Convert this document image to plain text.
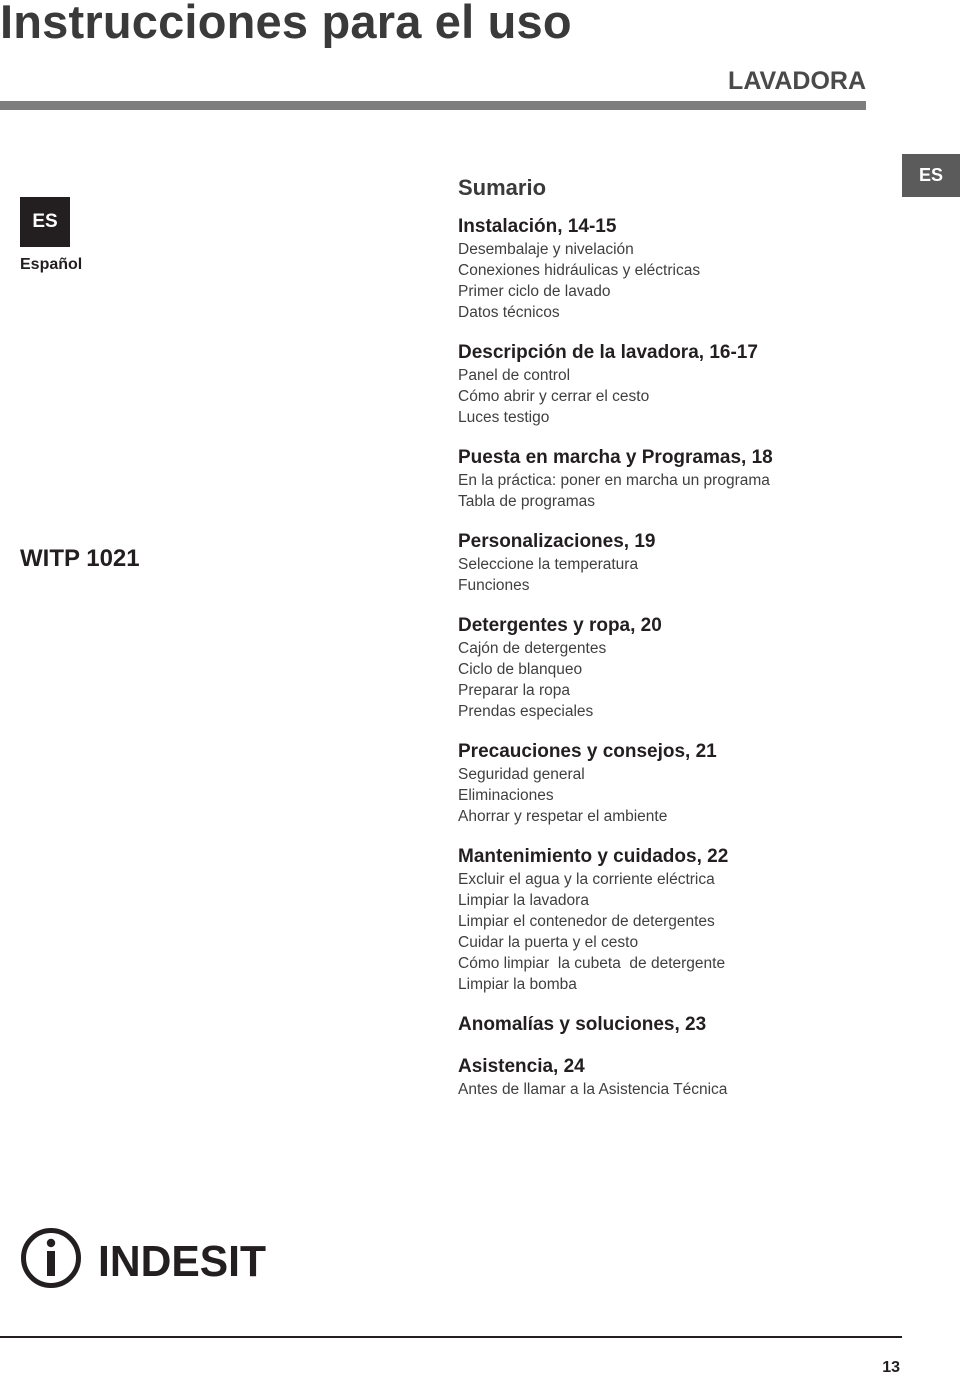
Instrucciones para el uso
LAVADORA
ES
ES
Español
WITP 1021
Sumario
Instalación, 14-15
Desembalaje y nivelación
Conexiones hidráulicas y eléctricas
Primer ciclo de lavado
Datos técnicos
Descripción de la lavadora, 16-17
Panel de control
Cómo abrir y cerrar el cesto
Luces testigo
Puesta en marcha y Programas, 18
En la práctica: poner en marcha un programa
Tabla de programas
Personalizaciones, 19
Seleccione la temperatura
Funciones
Detergentes y ropa, 20
Cajón de detergentes
Ciclo de blanqueo
Preparar la ropa
Prendas especiales
Precauciones y consejos, 21
Seguridad general
Eliminaciones
Ahorrar y respetar el ambiente
Mantenimiento y cuidados, 22
Excluir el agua y la corriente eléctrica
Limpiar la lavadora
Limpiar el contenedor de detergentes
Cuidar la puerta y el cesto
Cómo limpiar  la cubeta  de detergente
Limpiar la bomba
Anomalías y soluciones, 23
Asistencia, 24
Antes de llamar a la Asistencia Técnica
INDESIT
13
